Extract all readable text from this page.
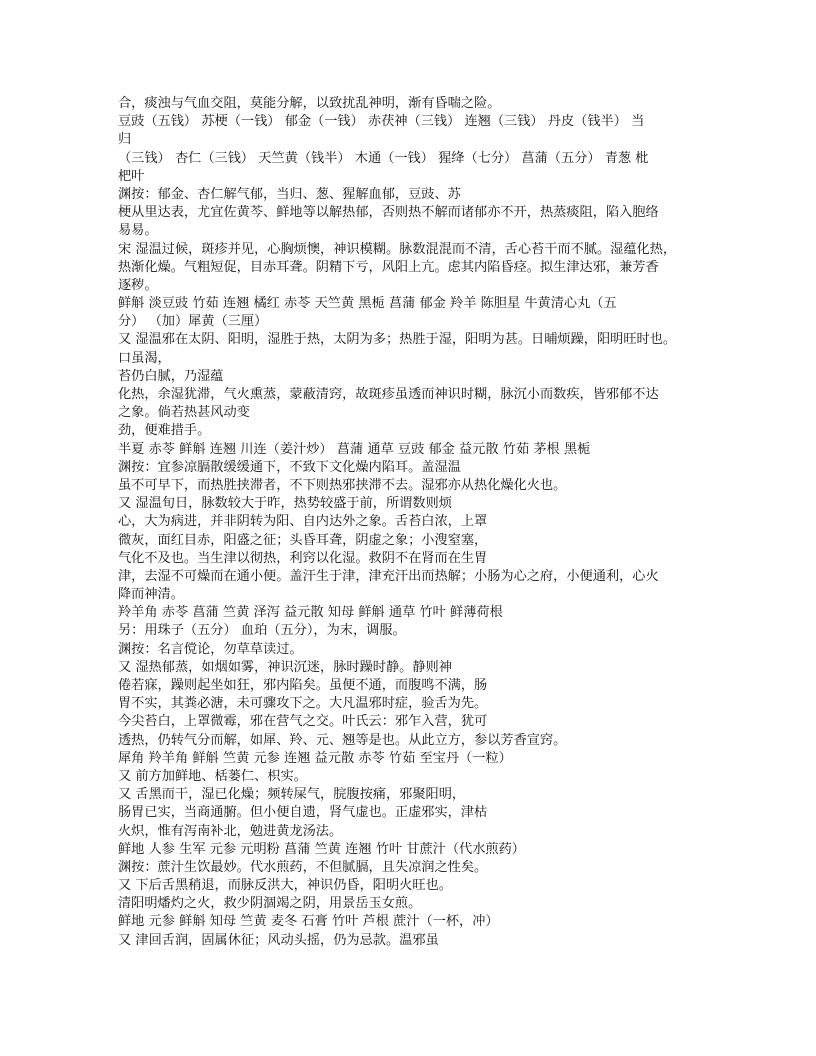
合，痰浊与气血交阻，莫能分解，以致扰乱神明，渐有昏喘之险。
豆豉（五钱） 苏梗（一钱） 郁金（一钱） 赤茯神（三钱） 连翘（三钱） 丹皮（钱半） 当
归
（三钱） 杏仁（三钱） 天竺黄（钱半） 木通（一钱） 猩绛（七分） 菖蒲（五分） 青葱 枇
杷叶
渊按：郁金、杏仁解气郁，当归、葱、猩解血郁，豆豉、苏
梗从里达表，尤宜佐黄芩、鲜地等以解热郁，否则热不解而诸郁亦不开，热蒸痰阻，陷入胞络
易易。
宋 湿温过候，斑疹并见，心胸烦懊，神识模糊。脉数混混而不清，舌心苔干而不腻。湿蕴化热，
热渐化燥。气粗短促，目赤耳聋。阴精下亏，风阳上亢。虑其内陷昏痉。拟生津达邪，兼芳香
逐秽。
鲜斛 淡豆豉 竹茹 连翘 橘红 赤苓 天竺黄 黑栀 菖蒲 郁金 羚羊 陈胆星 牛黄清心丸（五
分） （加）犀黄（三厘）
又 湿温邪在太阴、阳明，湿胜于热，太阴为多；热胜于湿，阳明为甚。日晡烦躁，阳明旺时也。
口虽渴，
苔仍白腻，乃湿蕴
化热，余湿犹滞，气火熏蒸，蒙蔽清窍，故斑疹虽透而神识时糊，脉沉小而数疾，皆邪郁不达
之象。倘若热甚风动变
劲，便难措手。
半夏 赤苓 鲜斛 连翘 川连（姜汁炒） 菖蒲 通草 豆豉 郁金 益元散 竹茹 茅根 黑栀
渊按：宜参凉膈散缓缓通下，不致下文化燥内陷耳。盖湿温
虽不可早下，而热胜挟滞者，不下则热邪挟滞不去。湿邪亦从热化燥化火也。
又 湿温旬日，脉数较大于昨，热势较盛于前，所谓数则烦
心，大为病进，并非阴转为阳、自内达外之象。舌苔白浓，上罩
微灰，面红目赤，阳盛之征；头昏耳聋，阴虚之象；小溲窒塞，
气化不及也。当生津以彻热，利窍以化湿。救阴不在肾而在生胃
津，去湿不可燥而在通小便。盖汗生于津，津充汗出而热解；小肠为心之府，小便通利，心火
降而神清。
羚羊角 赤苓 菖蒲 竺黄 泽泻 益元散 知母 鲜斛 通草 竹叶 鲜薄荷根
另：用珠子（五分） 血珀（五分），为末，调服。
渊按：名言傥论，勿草草读过。
又 湿热郁蒸，如烟如雾，神识沉迷，脉时躁时静。静则神
倦若寐，躁则起坐如狂，邪内陷矣。虽便不通，而腹鸣不满，肠
胃不实，其粪必溏，未可骤攻下之。大凡温邪时症，验舌为先。
今尖苔白，上罩微霉，邪在营气之交。叶氏云：邪乍入营，犹可
透热，仍转气分而解，如犀、羚、元、翘等是也。从此立方，参以芳香宣窍。
犀角 羚羊角 鲜斛 竺黄 元参 连翘 益元散 赤苓 竹茹 至宝丹（一粒）
又 前方加鲜地、栝蒌仁、枳实。
又 舌黑而干，湿已化燥；频转屎气，脘腹按痛，邪聚阳明，
肠胃已实，当商通腑。但小便自遗，肾气虚也。正虚邪实，津枯
火炽，惟有泻南补北，勉进黄龙汤法。
鲜地 人参 生军 元参 元明粉 菖蒲 竺黄 连翘 竹叶 甘蔗汁（代水煎药）
渊按：蔗汁生饮最妙。代水煎药，不但腻膈，且失凉润之性矣。
又 下后舌黑稍退，而脉反洪大，神识仍昏，阳明火旺也。
清阳明燔灼之火，救少阴涸竭之阴，用景岳玉女煎。
鲜地 元参 鲜斛 知母 竺黄 麦冬 石膏 竹叶 芦根 蔗汁（一杯，冲）
又 津回舌润，固属休征；风动头摇，仍为忌款。温邪虽
